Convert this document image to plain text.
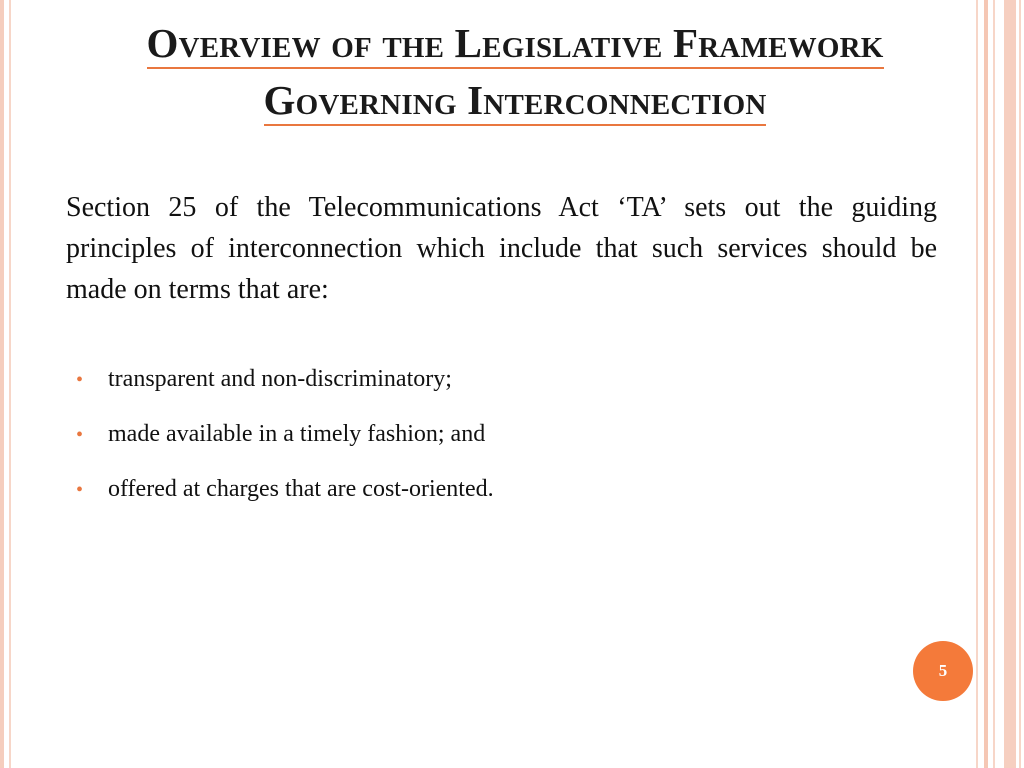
Overview of the Legislative Framework
Governing Interconnection
Section 25 of the Telecommunications Act ‘TA’ sets out the guiding principles of interconnection which include that such services should be made on terms that are:
•	transparent and non-discriminatory;
•	made available in a timely fashion; and
•	offered at charges that are cost-oriented.
5
